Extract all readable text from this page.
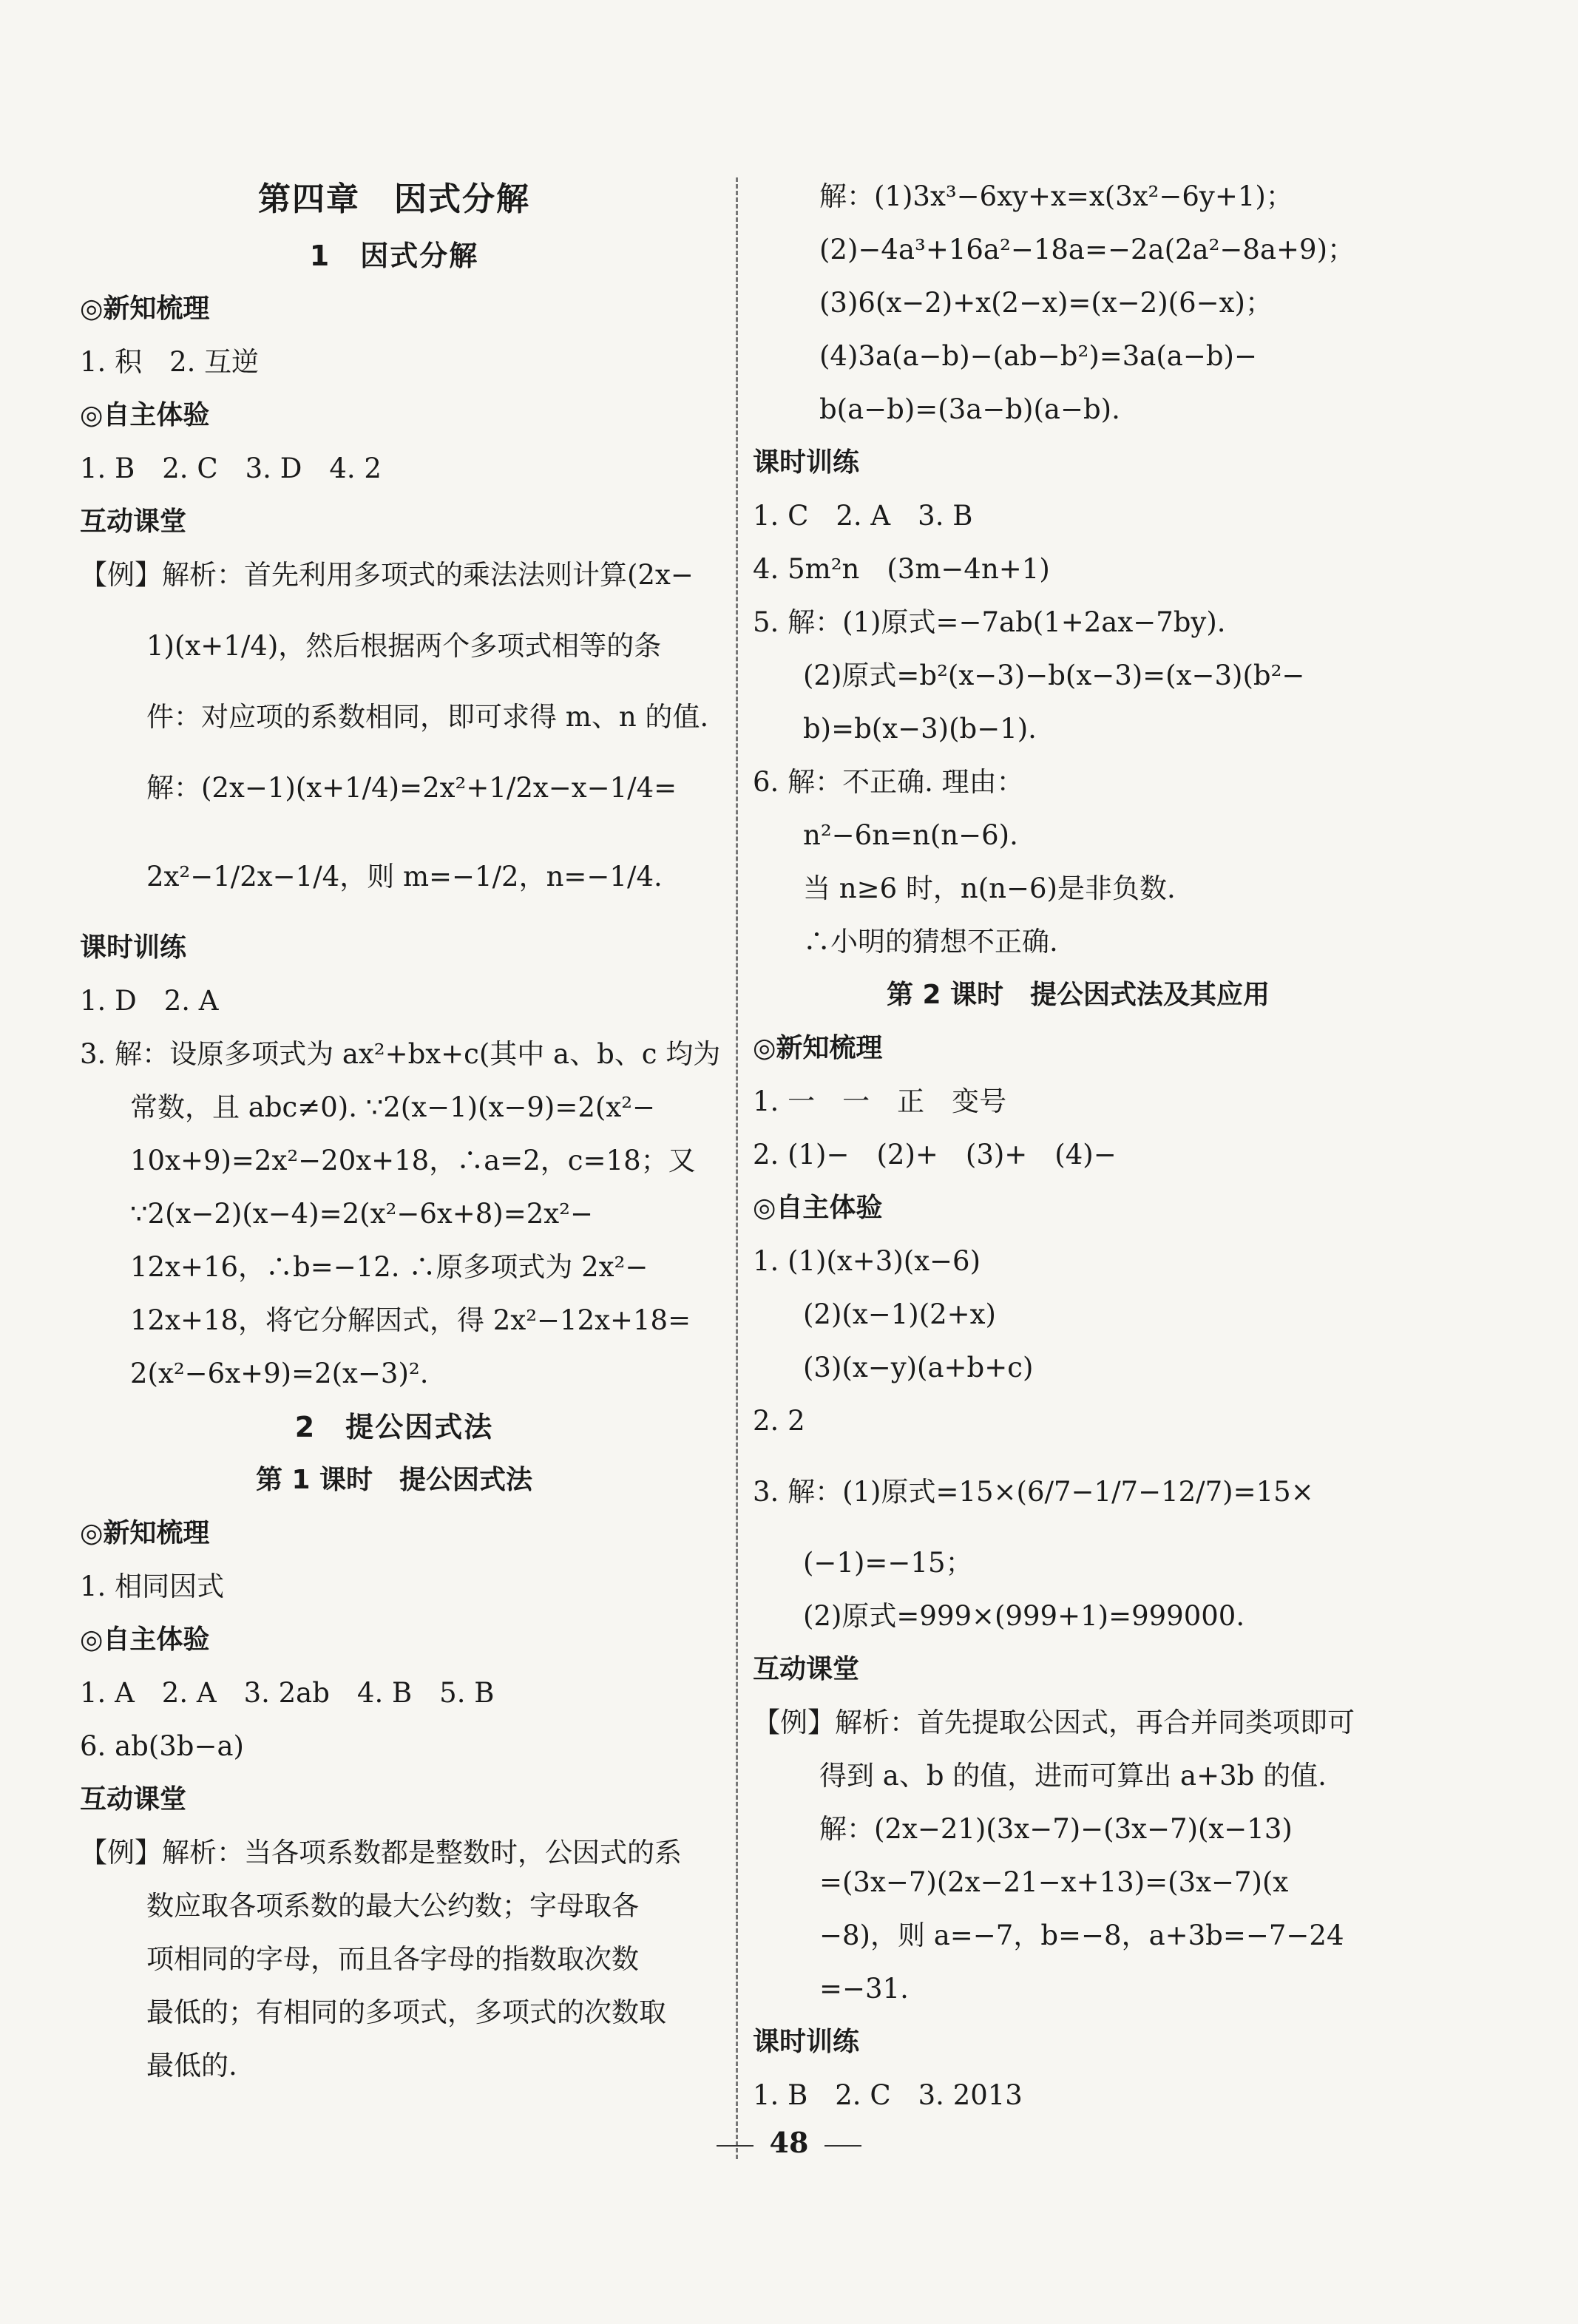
第四章　因式分解
1　因式分解
◎新知梳理
1. 积　2. 互逆
◎自主体验
1. B　2. C　3. D　4. 2
互动课堂
【例】解析：首先利用多项式的乘法法则计算(2x−
1)(x+1/4)，然后根据两个多项式相等的条
件：对应项的系数相同，即可求得 m、n 的值.
解：(2x−1)(x+1/4)=2x²+1/2x−x−1/4=
2x²−1/2x−1/4，则 m=−1/2，n=−1/4.
课时训练
1. D　2. A
3. 解：设原多项式为 ax²+bx+c(其中 a、b、c 均为
常数，且 abc≠0). ∵2(x−1)(x−9)=2(x²−
10x+9)=2x²−20x+18，∴a=2，c=18；又
∵2(x−2)(x−4)=2(x²−6x+8)=2x²−
12x+16，∴b=−12. ∴原多项式为 2x²−
12x+18，将它分解因式，得 2x²−12x+18=
2(x²−6x+9)=2(x−3)².
2　提公因式法
第 1 课时　提公因式法
◎新知梳理
1. 相同因式
◎自主体验
1. A　2. A　3. 2ab　4. B　5. B
6. ab(3b−a)
互动课堂
【例】解析：当各项系数都是整数时，公因式的系
数应取各项系数的最大公约数；字母取各
项相同的字母，而且各字母的指数取次数
最低的；有相同的多项式，多项式的次数取
最低的.
解：(1)3x³−6xy+x=x(3x²−6y+1)；
(2)−4a³+16a²−18a=−2a(2a²−8a+9)；
(3)6(x−2)+x(2−x)=(x−2)(6−x)；
(4)3a(a−b)−(ab−b²)=3a(a−b)−
b(a−b)=(3a−b)(a−b).
课时训练
1. C　2. A　3. B
4. 5m²n　(3m−4n+1)
5. 解：(1)原式=−7ab(1+2ax−7by).
(2)原式=b²(x−3)−b(x−3)=(x−3)(b²−
b)=b(x−3)(b−1).
6. 解：不正确. 理由：
n²−6n=n(n−6).
当 n≥6 时，n(n−6)是非负数.
∴小明的猜想不正确.
第 2 课时　提公因式法及其应用
◎新知梳理
1. 一　一　正　变号
2. (1)−　(2)+　(3)+　(4)−
◎自主体验
1. (1)(x+3)(x−6)
(2)(x−1)(2+x)
(3)(x−y)(a+b+c)
2. 2
3. 解：(1)原式=15×(6/7−1/7−12/7)=15×
(−1)=−15；
(2)原式=999×(999+1)=999000.
互动课堂
【例】解析：首先提取公因式，再合并同类项即可
得到 a、b 的值，进而可算出 a+3b 的值.
解：(2x−21)(3x−7)−(3x−7)(x−13)
=(3x−7)(2x−21−x+13)=(3x−7)(x
−8)，则 a=−7，b=−8，a+3b=−7−24
=−31.
课时训练
1. B　2. C　3. 2013
48
